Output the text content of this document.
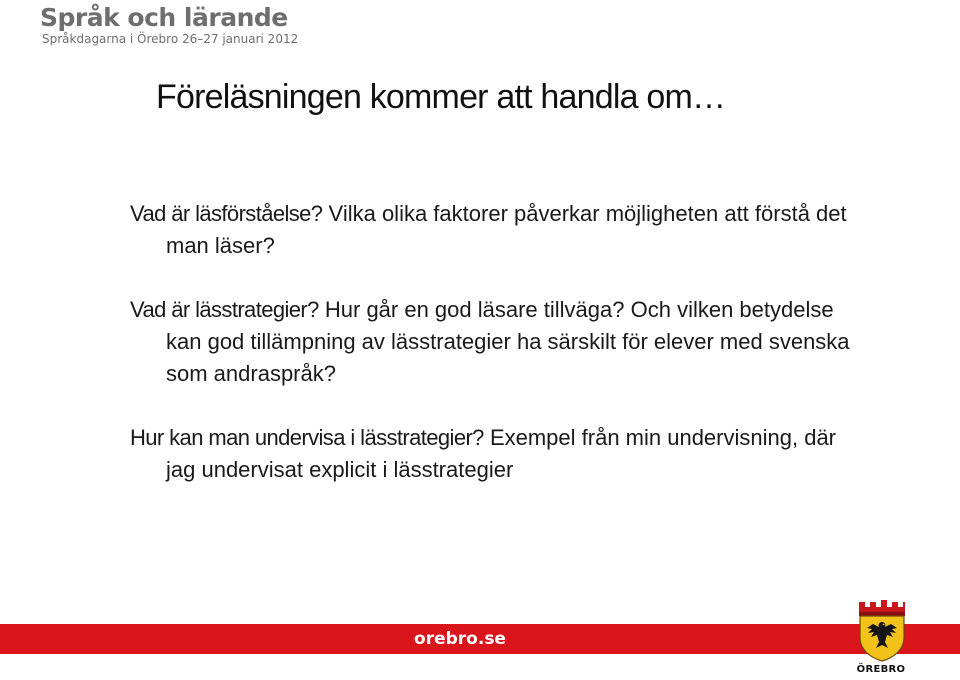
Språk och lärande
Språkdagarna i Örebro 26–27 januari 2012
Föreläsningen kommer att handla om…

Vad är läsförståelse? Vilka olika faktorer påverkar möjligheten att förstå det man läser?

Vad är lässtrategier? Hur går en god läsare tillväga? Och vilken betydelse kan god tillämpning av lässtrategier ha särskilt för elever med svenska som andraspråk?

Hur kan man undervisa i lässtrategier? Exempel från min undervisning, där jag undervisat explicit i lässtrategier

orebro.se
ÖREBRO
